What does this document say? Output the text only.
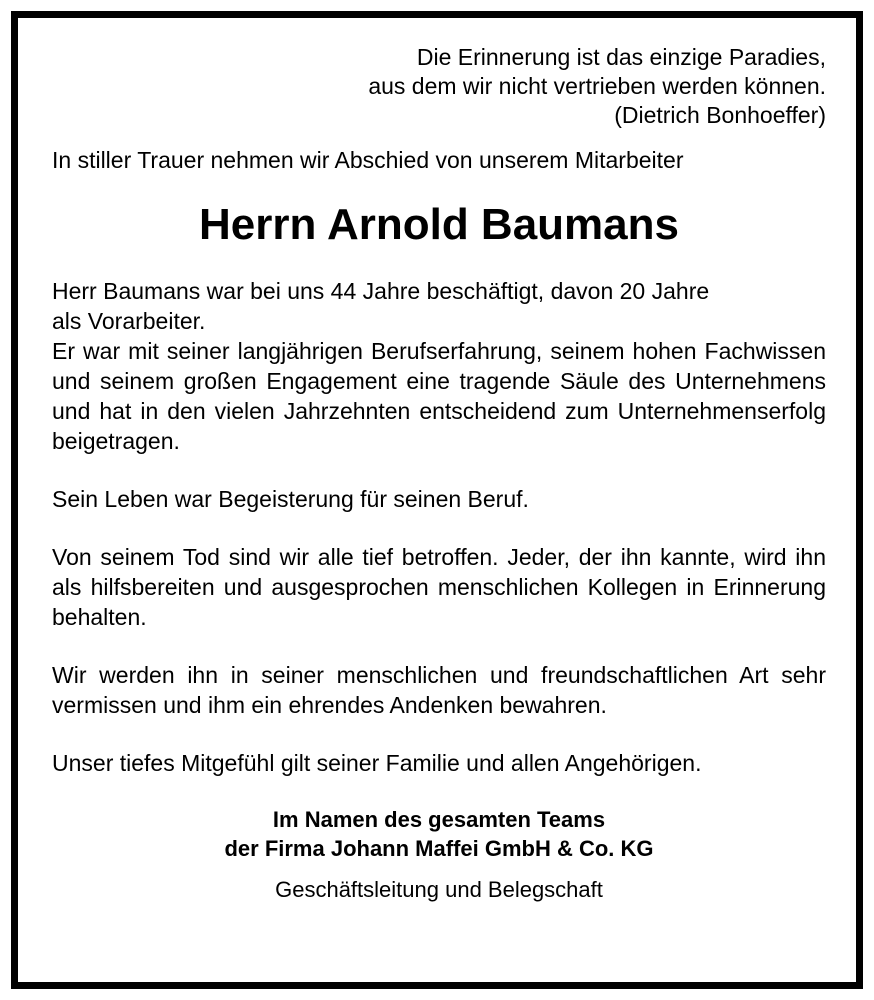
Die Erinnerung ist das einzige Paradies,
aus dem wir nicht vertrieben werden können.
(Dietrich Bonhoeffer)

In stiller Trauer nehmen wir Abschied von unserem Mitarbeiter

Herrn Arnold Baumans
Herr Baumans war bei uns 44 Jahre beschäftigt, davon 20 Jahre
als Vorarbeiter.

Er war mit seiner langjährigen Berufserfahrung, seinem hohen Fachwissen und seinem großen Engagement eine tragende Säule des Unternehmens und hat in den vielen Jahrzehnten entscheidend zum Unternehmenserfolg beigetragen.

Sein Leben war Begeisterung für seinen Beruf.

Von seinem Tod sind wir alle tief betroffen. Jeder, der ihn kannte, wird ihn als hilfsbereiten und ausgesprochen menschlichen Kollegen in Erinnerung behalten.

Wir werden ihn in seiner menschlichen und freundschaftlichen Art sehr vermissen und ihm ein ehrendes Andenken bewahren.

Unser tiefes Mitgefühl gilt seiner Familie und allen Angehörigen.

Im Namen des gesamten Teams
der Firma Johann Maffei GmbH & Co. KG

Geschäftsleitung und Belegschaft
